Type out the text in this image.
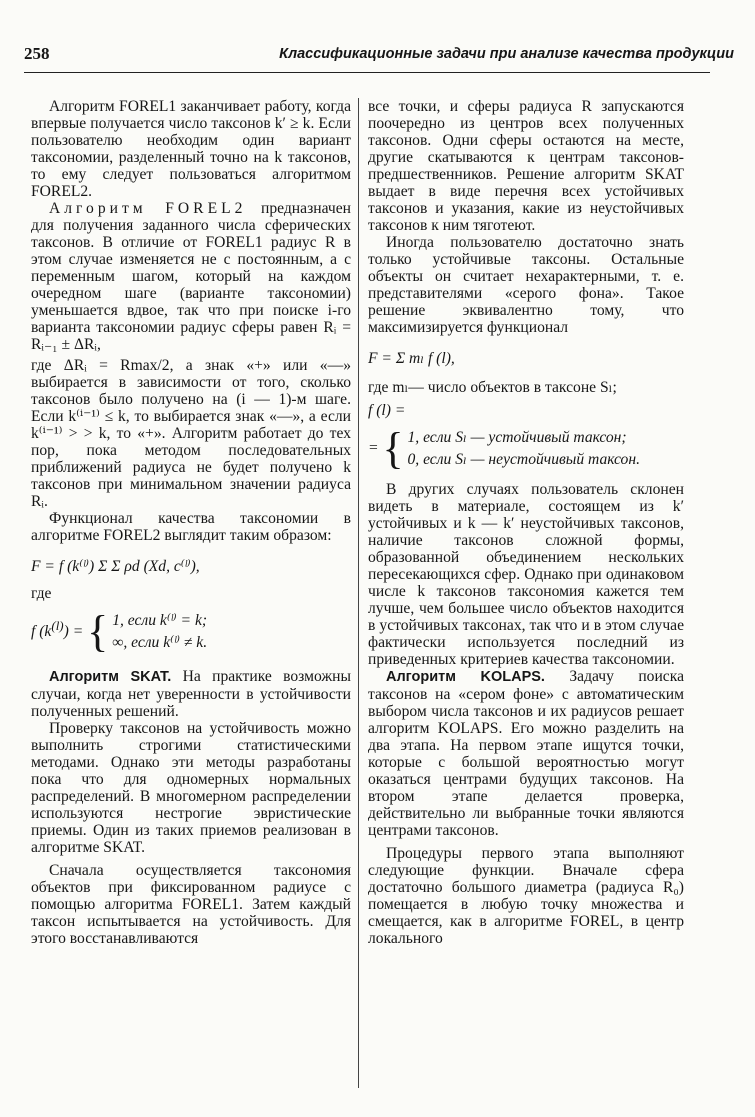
258	Классификационные задачи при анализе качества продукции

Алгоритм FOREL1 заканчивает работу, когда впервые получается число таксонов k′ ≥ k. Если пользователю необходим один вариант таксономии, разделенный точно на k таксонов, то ему следует пользоваться алгоритмом FOREL2.

Алгоритм FOREL2 предназначен для получения заданного числа сферических таксонов. В отличие от FOREL1 радиус R в этом случае изменяется не с постоянным, а с переменным шагом, который на каждом очередном шаге (варианте таксономии) уменьшается вдвое, так что при поиске i-го варианта таксономии радиус сферы равен Rᵢ = Rᵢ₋₁ ± ΔRᵢ,

где ΔRᵢ = Rmax/2, а знак «+» или «—» выбирается в зависимости от того, сколько таксонов было получено на (i — 1)-м шаге. Если k⁽ⁱ⁻¹⁾ ≤ k, то выбирается знак «—», а если k⁽ⁱ⁻¹⁾ > > k, то «+». Алгоритм работает до тех пор, пока методом последовательных приближений радиуса не будет получено k таксонов при минимальном значении радиуса Rᵢ.

Функционал качества таксономии в алгоритме FOREL2 выглядит таким образом:

F = f (k⁽ˡ⁾) Σ Σ ρd (Xd, c⁽ˡ⁾),

где

f $(k^{(l)})$ = { 1, если k⁽ˡ⁾ = k;
∞, если k⁽ˡ⁾ ≠ k.

Алгоритм SKAT. На практике возможны случаи, когда нет уверенности в устойчивости полученных решений.

Проверку таксонов на устойчивость можно выполнить строгими статистическими методами. Однако эти методы разработаны пока что для одномерных нормальных распределений. В многомерном распределении используются нестрогие эвристические приемы. Один из таких приемов реализован в алгоритме SKAT.

Сначала осуществляется таксономия объектов при фиксированном радиусе с помощью алгоритма FOREL1. Затем каждый таксон испытывается на устойчивость. Для этого восстанавливаются

все точки, и сферы радиуса R запускаются поочередно из центров всех полученных таксонов. Одни сферы остаются на месте, другие скатываются к центрам таксонов-предшественников. Решение алгоритм SKAT выдает в виде перечня всех устойчивых таксонов и указания, какие из неустойчивых таксонов к ним тяготеют.

Иногда пользователю достаточно знать только устойчивые таксоны. Остальные объекты он считает нехарактерными, т. е. представителями «серого фона». Такое решение эквивалентно тому, что максимизируется функционал

F = Σ mₗ f (l),

где mₗ— число объектов в таксоне Sₗ;

f (l) =
= { 1, если Sₗ — устойчивый таксон;
0, если Sₗ — неустойчивый таксон.

В других случаях пользователь склонен видеть в материале, состоящем из k′ устойчивых и k — k′ неустойчивых таксонов, наличие таксонов сложной формы, образованной объединением нескольких пересекающихся сфер. Однако при одинаковом числе k таксонов таксономия кажется тем лучше, чем большее число объектов находится в устойчивых таксонах, так что и в этом случае фактически используется последний из приведенных критериев качества таксономии.

Алгоритм KOLAPS. Задачу поиска таксонов на «сером фоне» с автоматическим выбором числа таксонов и их радиусов решает алгоритм KOLAPS. Его можно разделить на два этапа. На первом этапе ищутся точки, которые с большой вероятностью могут оказаться центрами будущих таксонов. На втором этапе делается проверка, действительно ли выбранные точки являются центрами таксонов.

Процедуры первого этапа выполняют следующие функции. Вначале сфера достаточно большого диаметра (радиуса R₀) помещается в любую точку множества и смещается, как в алгоритме FOREL, в центр локального
